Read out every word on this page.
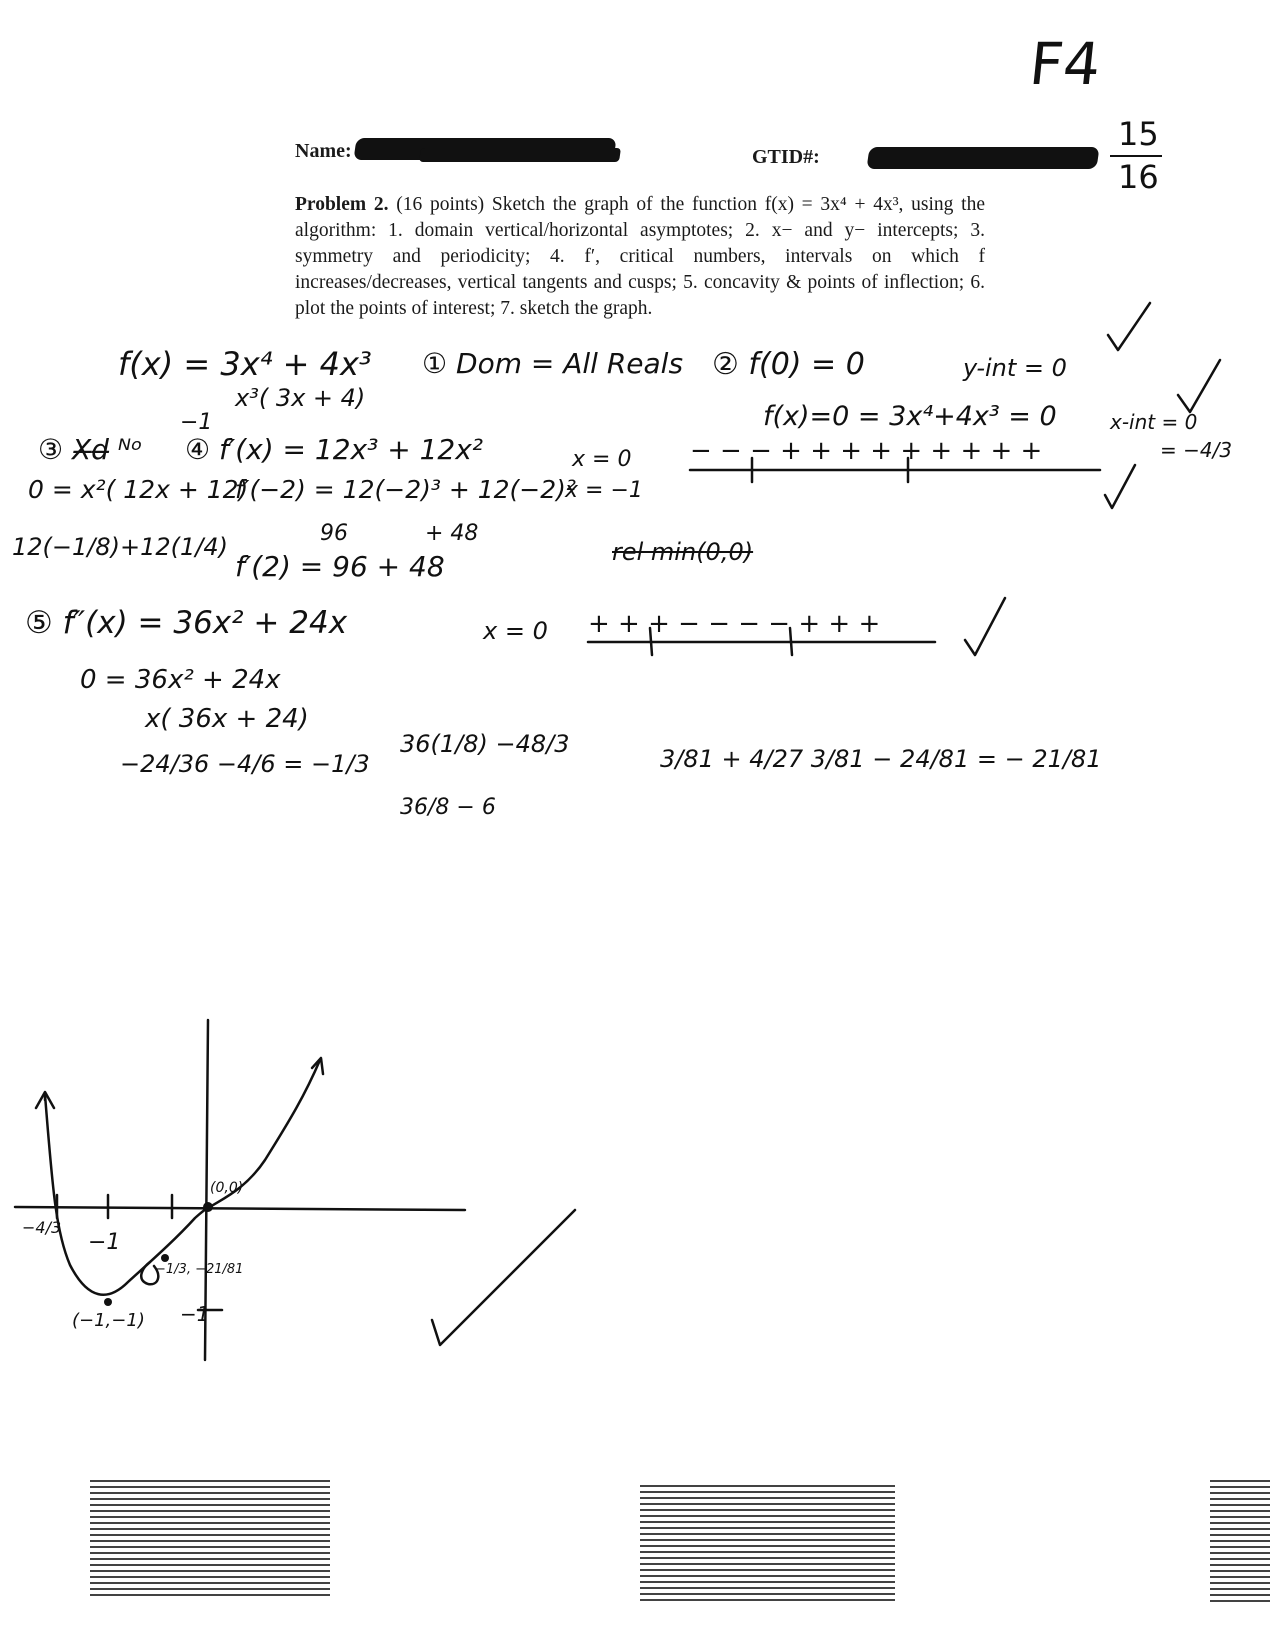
F4
15
16
Name:	GTID#:
Problem 2. (16 points) Sketch the graph of the function f(x) = 3x⁴ + 4x³, using the algorithm: 1. domain vertical/horizontal asymptotes; 2. x− and y− intercepts; 3. symmetry and periodicity; 4. f′, critical numbers, intervals on which f increases/decreases, vertical tangents and cusps; 5. concavity & points of inflection; 6. plot the points of interest; 7. sketch the graph.
f(x) = 3x⁴ + 4x³
x³( 3x + 4)
① Dom = All Reals ② f(0) = 0	y-int = 0
f(x)=0 = 3x⁴+4x³ = 0	x-int = 0
= −4/3
③ X̶d̶ ᴺᵒ
−1
④ f′(x) = 12x³ + 12x²	x = 0
x = −1
− − − + + + + + + + + +
0 = x²( 12x + 12)
f′(−2) = 12(−2)³ + 12(−2)²
12(−1/8)+12(1/4)	96	+ 48
f′(2) = 96 + 48	rel min(0,0)
⑤ f″(x) = 36x² + 24x	x = 0 + + + − − − − + + +
0 = 36x² + 24x
x( 36x + 24)
−24/36 −4/6 = −1/3
36(1/8) −48/3
36/8 − 6
3/81 + 4/27 3/81 − 24/81 = − 21/81
−4/3
−1
(0,0)
−1/3, −21/81
(−1,−1) −1
